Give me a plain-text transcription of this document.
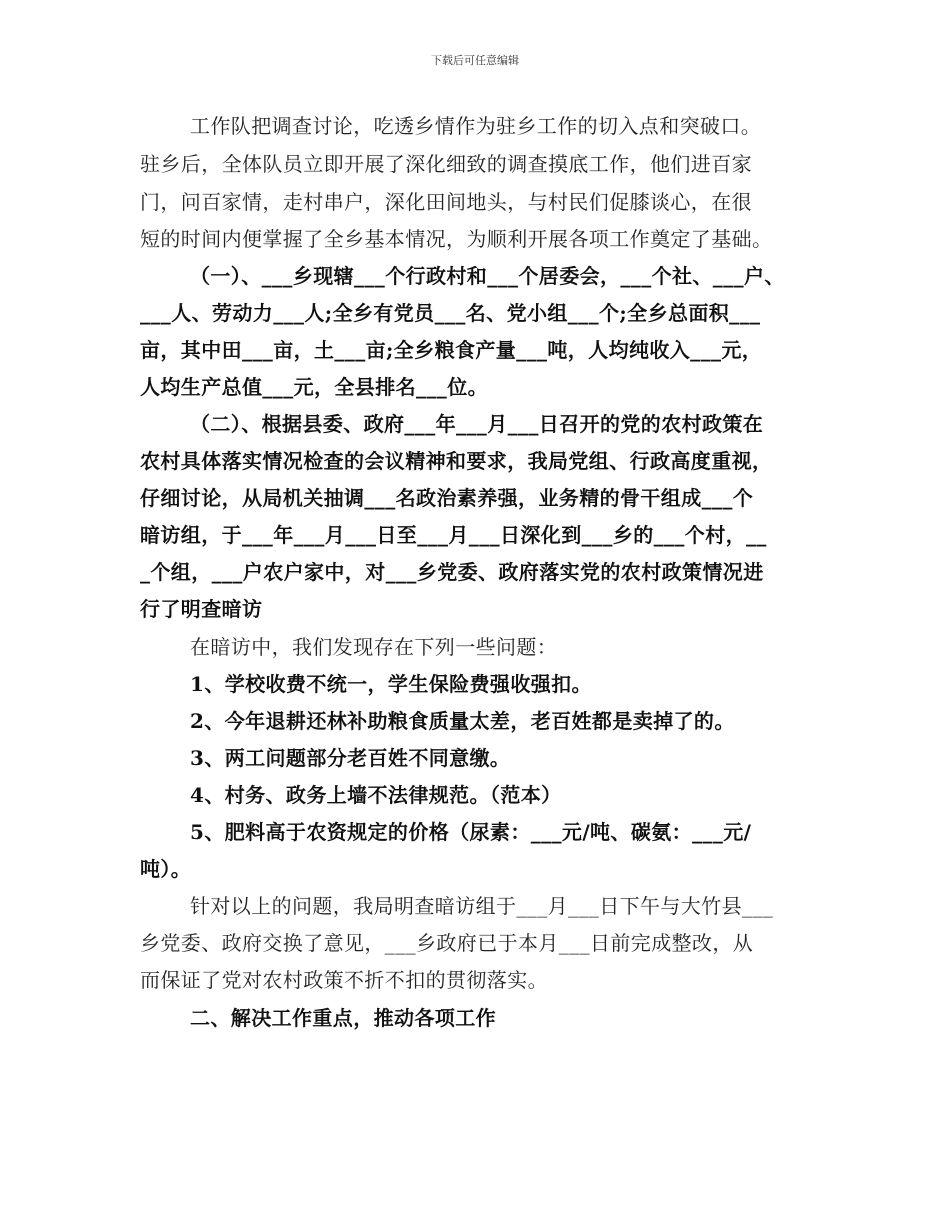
下载后可任意编辑
工作队把调查讨论，吃透乡情作为驻乡工作的切入点和突破口。
驻乡后，全体队员立即开展了深化细致的调查摸底工作，他们进百家
门，问百家情，走村串户，深化田间地头，与村民们促膝谈心，在很
短的时间内便掌握了全乡基本情况，为顺利开展各项工作奠定了基础。
（一）、___乡现辖___个行政村和___个居委会，___个社、___户、
___人、劳动力___人;全乡有党员___名、党小组___个;全乡总面积___
亩，其中田___亩，土___亩;全乡粮食产量___吨，人均纯收入___元，
人均生产总值___元，全县排名___位。
（二）、根据县委、政府___年___月___日召开的党的农村政策在
农村具体落实情况检查的会议精神和要求，我局党组、行政高度重视，
仔细讨论，从局机关抽调___名政治素养强，业务精的骨干组成___个
暗访组，于___年___月___日至___月___日深化到___乡的___个村，__
_个组，___户农户家中，对___乡党委、政府落实党的农村政策情况进
行了明查暗访
在暗访中，我们发现存在下列一些问题：
1、学校收费不统一，学生保险费强收强扣。
2、今年退耕还林补助粮食质量太差，老百姓都是卖掉了的。
3、两工问题部分老百姓不同意缴。
4、村务、政务上墙不法律规范。（范本）
5、肥料高于农资规定的价格（尿素：___元/吨、碳氨：___元/
吨）。
针对以上的问题，我局明查暗访组于___月___日下午与大竹县___
乡党委、政府交换了意见，___乡政府已于本月___日前完成整改，从
而保证了党对农村政策不折不扣的贯彻落实。
二、解决工作重点，推动各项工作
